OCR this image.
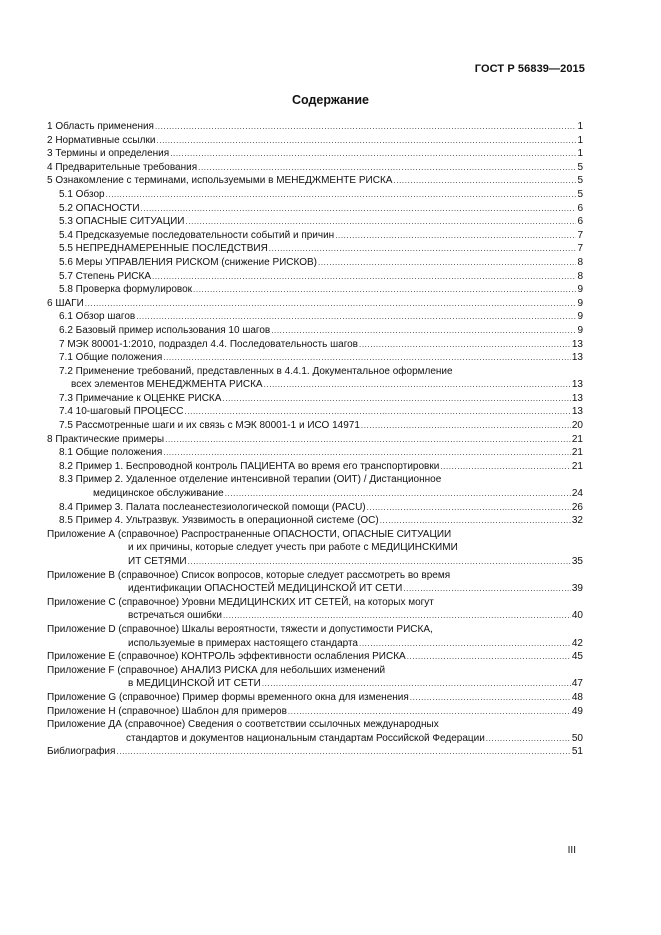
ГОСТ Р 56839—2015
Содержание
1 Область применения .....	1
2 Нормативные ссылки .....	1
3 Термины и определения .....	1
4 Предварительные требования .....	5
5 Ознакомление с терминами, используемыми в МЕНЕДЖМЕНТЕ РИСКА .....	5
5.1 Обзор .....	5
5.2 ОПАСНОСТИ .....	6
5.3 ОПАСНЫЕ СИТУАЦИИ .....	6
5.4 Предсказуемые последовательности событий и причин .....	7
5.5 НЕПРЕДНАМЕРЕННЫЕ ПОСЛЕДСТВИЯ .....	7
5.6 Меры УПРАВЛЕНИЯ РИСКОМ (снижение РИСКОВ) .....	8
5.7 Степень РИСКА .....	8
5.8 Проверка формулировок .....	9
6 ШАГИ .....	9
6.1 Обзор шагов .....	9
6.2 Базовый пример использования 10 шагов .....	9
7 МЭК 80001-1:2010, подраздел 4.4. Последовательность шагов .....	13
7.1 Общие положения .....	13
7.2 Применение требований, представленных в 4.4.1. Документальное оформление
всех элементов МЕНЕДЖМЕНТА РИСКА .....	13
7.3 Примечание к ОЦЕНКЕ РИСКА .....	13
7.4 10-шаговый ПРОЦЕСС .....	13
7.5 Рассмотренные шаги и их связь с МЭК 80001-1 и ИСО 14971 .....	20
8 Практические примеры .....	21
8.1 Общие положения .....	21
8.2 Пример 1. Беспроводной контроль ПАЦИЕНТА во время его транспортировки .....	21
8.3 Пример 2. Удаленное отделение интенсивной терапии (ОИТ) / Дистанционное
медицинское обслуживание .....	24
8.4 Пример 3. Палата послеанестезиологической помощи (PACU) .....	26
8.5 Пример 4. Ультразвук. Уязвимость в операционной системе (ОС) .....	32
Приложение А (справочное) Распространенные ОПАСНОСТИ, ОПАСНЫЕ СИТУАЦИИ
и их причины, которые следует учесть при работе с МЕДИЦИНСКИМИ
ИТ СЕТЯМИ .....	35
Приложение В (справочное) Список вопросов, которые следует рассмотреть во время
идентификации ОПАСНОСТЕЙ МЕДИЦИНСКОЙ ИТ СЕТИ .....	39
Приложение С (справочное) Уровни МЕДИЦИНСКИХ ИТ СЕТЕЙ, на которых могут
встречаться ошибки .....	40
Приложение D (справочное) Шкалы вероятности, тяжести и допустимости РИСКА,
используемые в примерах настоящего стандарта .....	42
Приложение E (справочное) КОНТРОЛЬ эффективности ослабления РИСКА .....	45
Приложение F (справочное) АНАЛИЗ РИСКА для небольших изменений
в МЕДИЦИНСКОЙ ИТ СЕТИ .....	47
Приложение G (справочное) Пример формы временного окна для изменения .....	48
Приложение H (справочное) Шаблон для примеров .....	49
Приложение ДА (справочное) Сведения о соответствии ссылочных международных
стандартов и документов национальным стандартам Российской Федерации .....	50
Библиография .....	51
III
